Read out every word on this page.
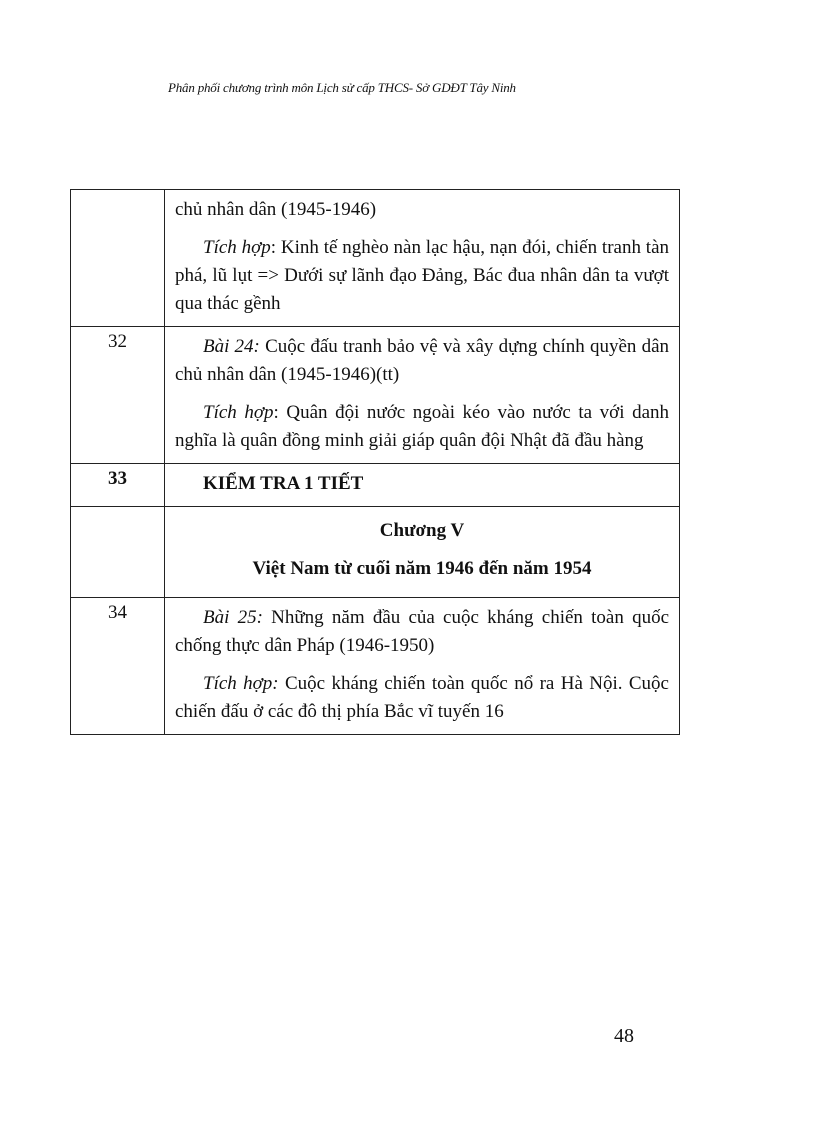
Phân phối chương trình môn Lịch sử cấp THCS- Sở GDĐT Tây Ninh

	chủ nhân dân (1945-1946)

Tích hợp: Kinh tế nghèo nàn lạc hậu, nạn đói, chiến tranh tàn phá, lũ lụt => Dưới sự lãnh đạo Đảng, Bác đua nhân dân ta vượt qua thác gềnh

32	Bài 24: Cuộc đấu tranh bảo vệ và xây dựng chính quyền dân chủ nhân dân (1945-1946)(tt)

Tích hợp: Quân đội nước ngoài kéo vào nước ta với danh nghĩa là quân đồng minh giải giáp quân đội Nhật đã đầu hàng

33	KIỂM TRA 1 TIẾT

	Chương V

Việt Nam từ cuối năm 1946 đến năm 1954

34	Bài 25: Những năm đầu của cuộc kháng chiến toàn quốc chống thực dân Pháp (1946-1950)

Tích hợp: Cuộc kháng chiến toàn quốc nổ ra Hà Nội. Cuộc chiến đấu ở các đô thị phía Bắc vĩ tuyến 16

48
